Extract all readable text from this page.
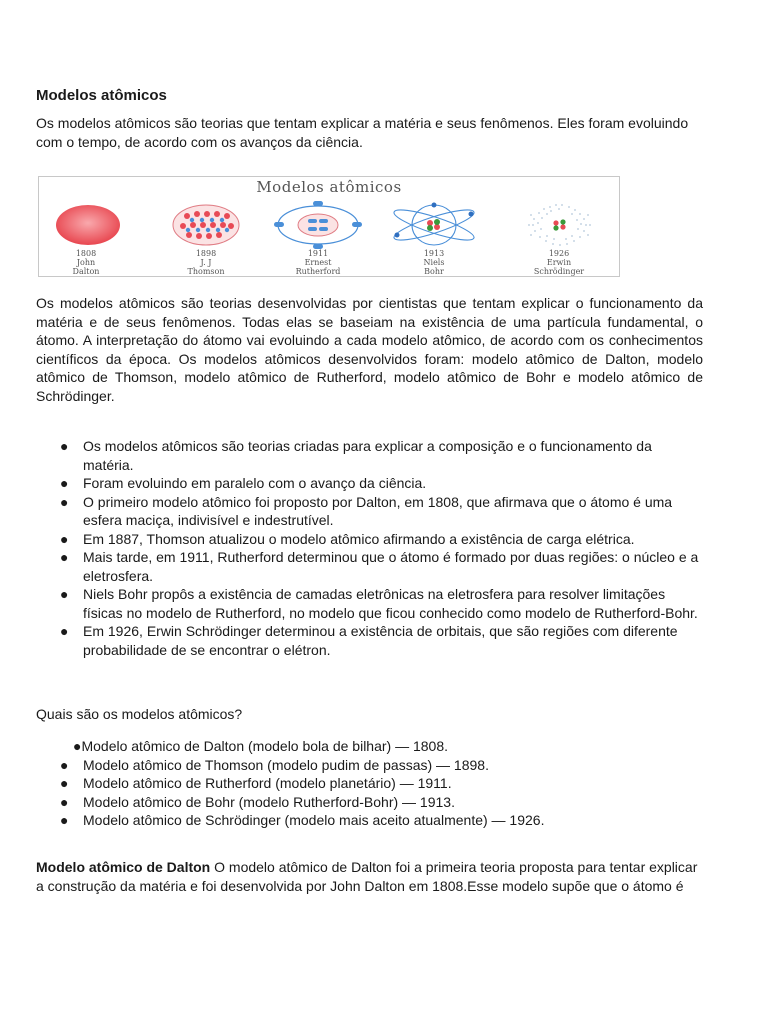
Modelos atômicos

Os modelos atômicos são teorias que tentam explicar a matéria e seus fenômenos. Eles foram evoluindo com o tempo, de acordo com os avanços da ciência.

Modelos atômicos
1808
John
Dalton
1898
J. J
Thomson
1911
Ernest
Rutherford
1913
Niels
Bohr
1926
Erwin
Schrödinger

Os modelos atômicos são teorias desenvolvidas por cientistas que tentam explicar o funcionamento da matéria e de seus fenômenos. Todas elas se baseiam na existência de uma partícula fundamental, o átomo. A interpretação do átomo vai evoluindo a cada modelo atômico, de acordo com os conhecimentos científicos da época. Os modelos atômicos desenvolvidos foram: modelo atômico de Dalton, modelo atômico de Thomson, modelo atômico de Rutherford, modelo atômico de Bohr e modelo atômico de Schrödinger.

● Os modelos atômicos são teorias criadas para explicar a composição e o funcionamento da matéria.
● Foram evoluindo em paralelo com o avanço da ciência.
● O primeiro modelo atômico foi proposto por Dalton, em 1808, que afirmava que o átomo é uma esfera maciça, indivisível e indestrutível.
● Em 1887, Thomson atualizou o modelo atômico afirmando a existência de carga elétrica.
● Mais tarde, em 1911, Rutherford determinou que o átomo é formado por duas regiões: o núcleo e a eletrosfera.
● Niels Bohr propôs a existência de camadas eletrônicas na eletrosfera para resolver limitações físicas no modelo de Rutherford, no modelo que ficou conhecido como modelo de Rutherford-Bohr.
● Em 1926, Erwin Schrödinger determinou a existência de orbitais, que são regiões com diferente probabilidade de se encontrar o elétron.

Quais são os modelos atômicos?

●Modelo atômico de Dalton (modelo bola de bilhar) — 1808.
● Modelo atômico de Thomson (modelo pudim de passas) — 1898.
● Modelo atômico de Rutherford (modelo planetário) — 1911.
● Modelo atômico de Bohr (modelo Rutherford-Bohr) — 1913.
● Modelo atômico de Schrödinger (modelo mais aceito atualmente) — 1926.

Modelo atômico de Dalton O modelo atômico de Dalton foi a primeira teoria proposta para tentar explicar a construção da matéria e foi desenvolvida por John Dalton em 1808.Esse modelo supõe que o átomo é
